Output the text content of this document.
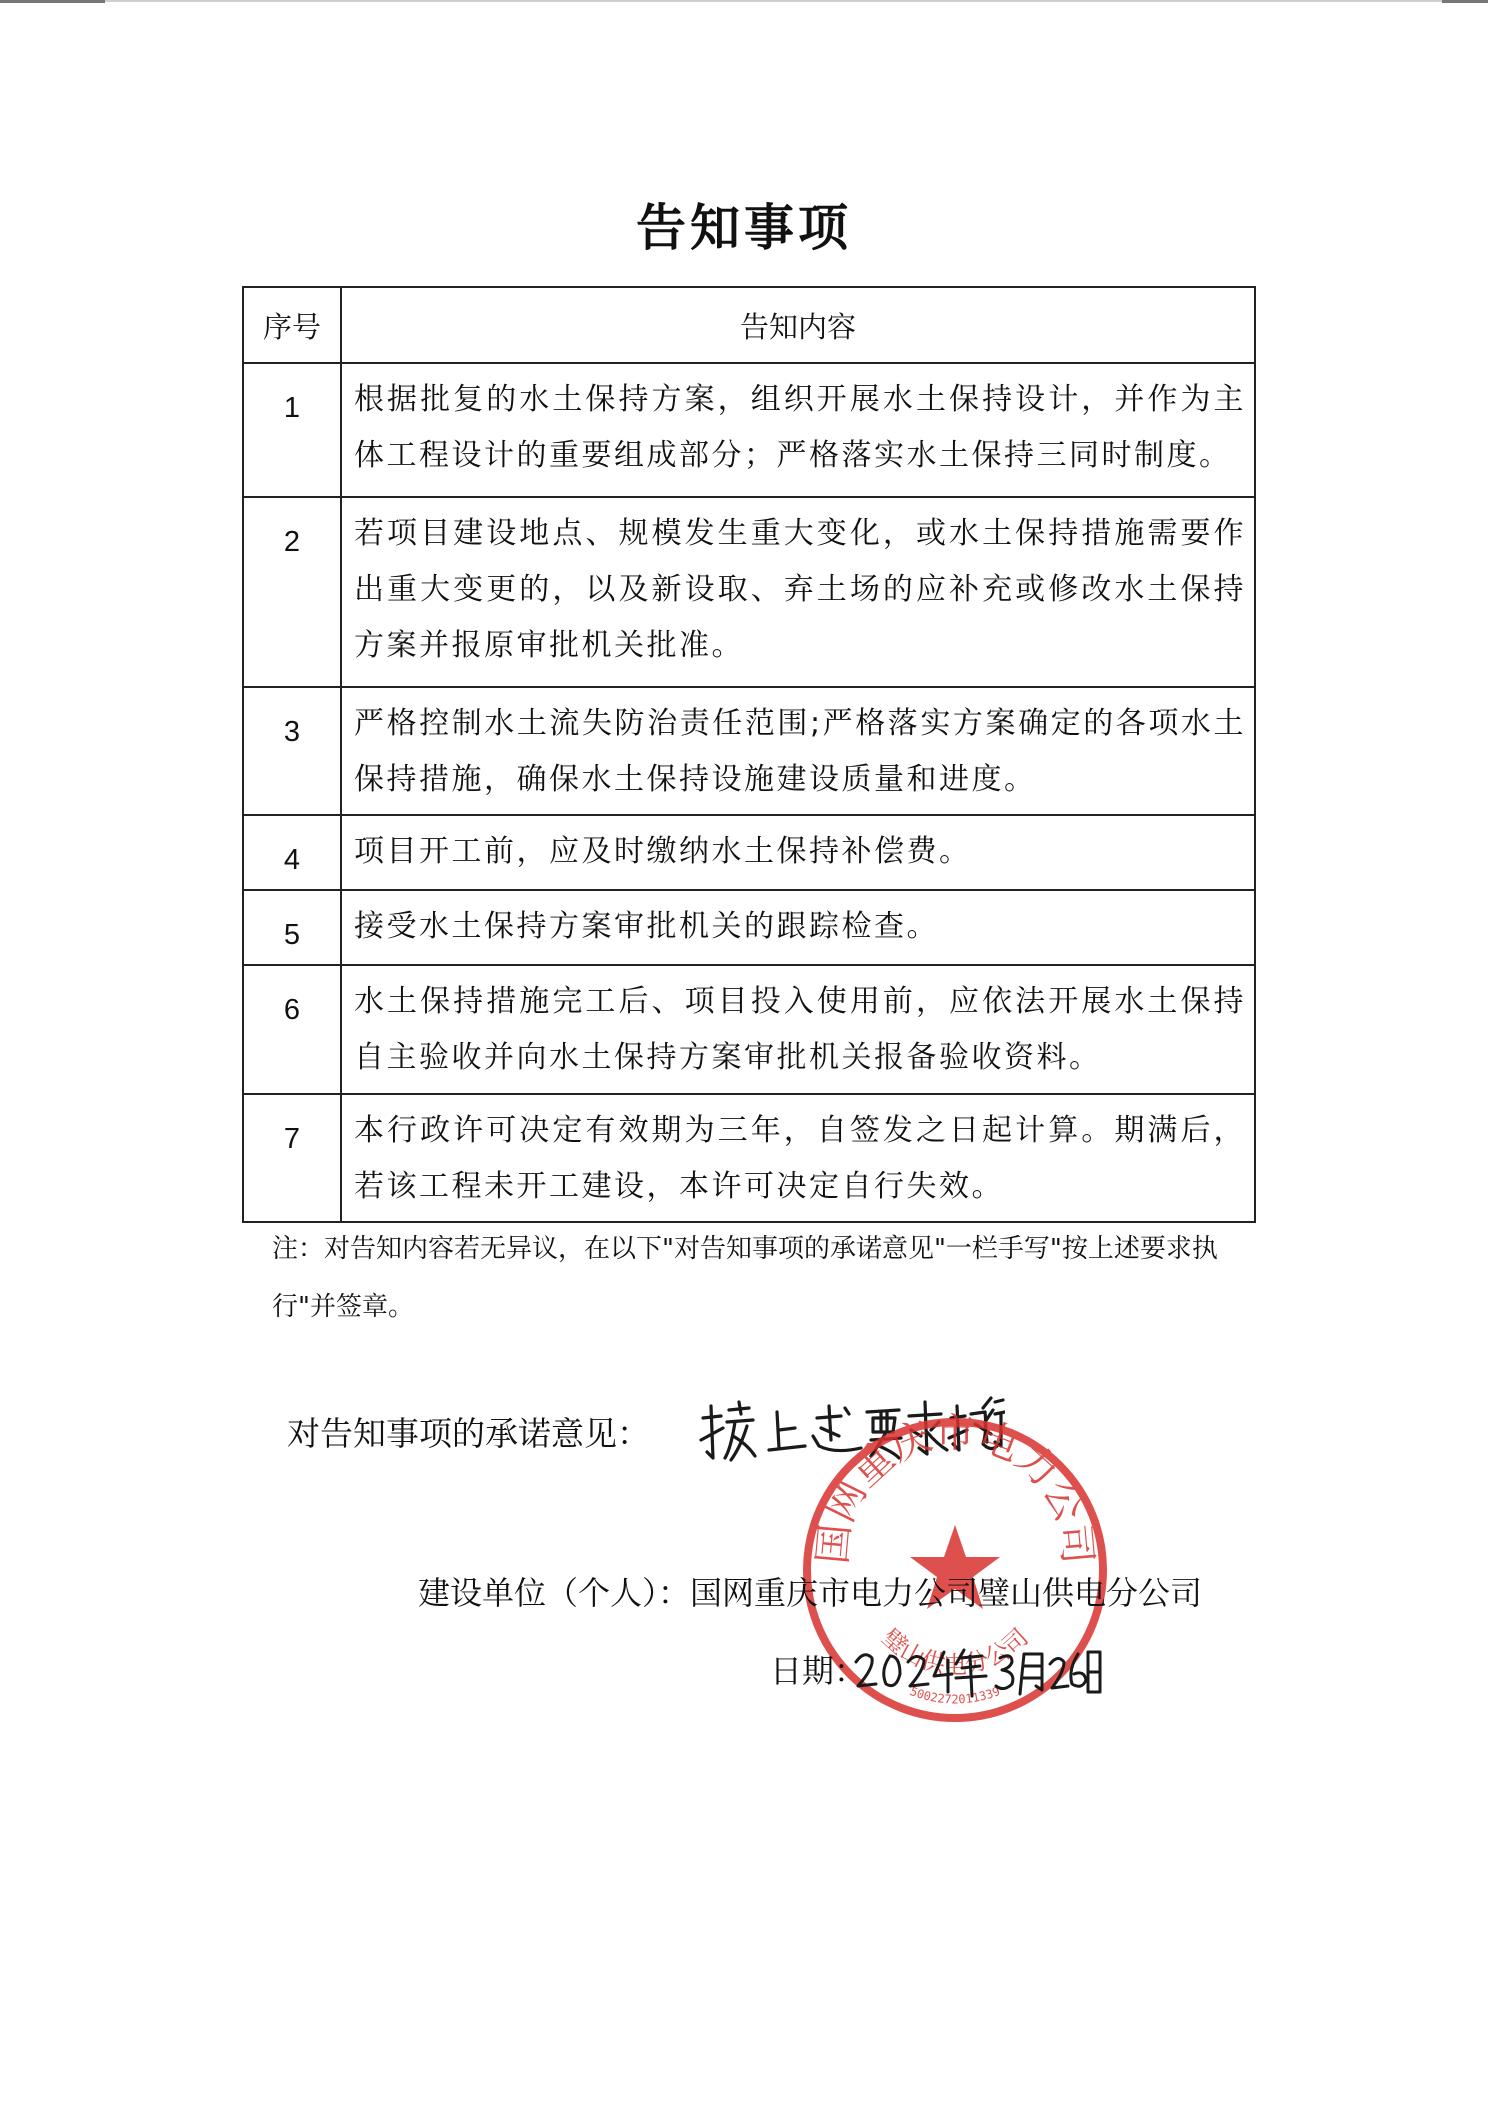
告知事项
序号	告知内容
1	根据批复的水土保持方案，组织开展水土保持设计，并作为主体工程设计的重要组成部分；严格落实水土保持三同时制度。
2	若项目建设地点、规模发生重大变化，或水土保持措施需要作出重大变更的，以及新设取、弃土场的应补充或修改水土保持方案并报原审批机关批准。
3	严格控制水土流失防治责任范围;严格落实方案确定的各项水土保持措施，确保水土保持设施建设质量和进度。
4	项目开工前，应及时缴纳水土保持补偿费。
5	接受水土保持方案审批机关的跟踪检查。
6	水土保持措施完工后、项目投入使用前，应依法开展水土保持自主验收并向水土保持方案审批机关报备验收资料。
7	本行政许可决定有效期为三年，自签发之日起计算。期满后，若该工程未开工建设，本许可决定自行失效。
注：对告知内容若无异议，在以下"对告知事项的承诺意见"一栏手写"按上述要求执行"并签章。
对告知事项的承诺意见：
国网重庆市电力公司
璧山供电分公司
5002272011339
建设单位（个人）：国网重庆市电力公司璧山供电分公司
日期：
